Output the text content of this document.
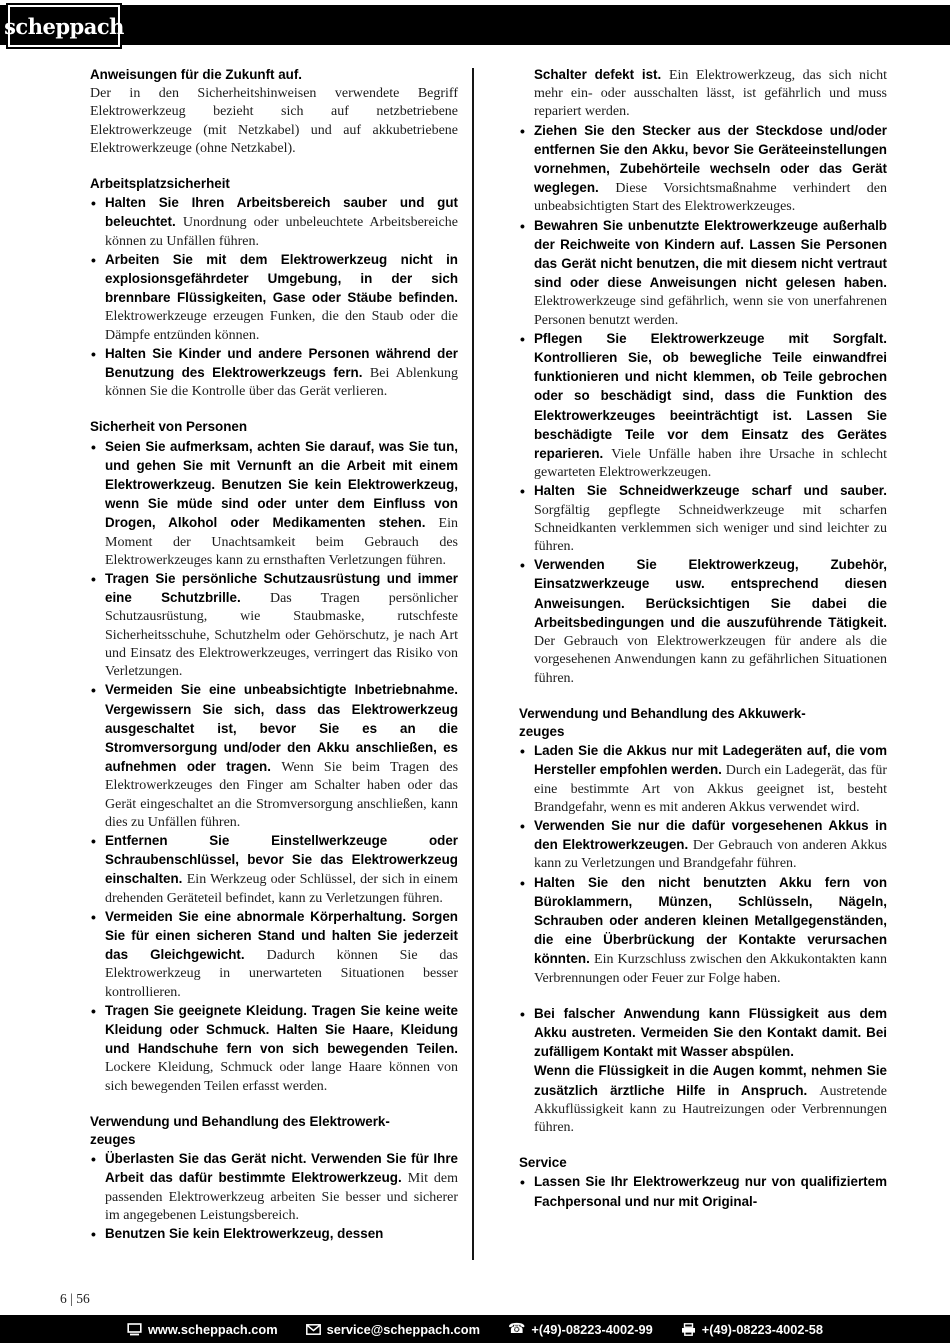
scheppach

Anweisungen für die Zukunft auf.
Der in den Sicherheitshinweisen verwendete Begriff Elektrowerkzeug bezieht sich auf netzbetriebene Elektrowerkzeuge (mit Netzkabel) und auf akkubetriebene Elektrowerkzeuge (ohne Netzkabel).

Arbeitsplatzsicherheit
• Halten Sie Ihren Arbeitsbereich sauber und gut beleuchtet. Unordnung oder unbeleuchtete Arbeitsbereiche können zu Unfällen führen.
• Arbeiten Sie mit dem Elektrowerkzeug nicht in explosionsgefährdeter Umgebung, in der sich brennbare Flüssigkeiten, Gase oder Stäube befinden. Elektrowerkzeuge erzeugen Funken, die den Staub oder die Dämpfe entzünden können.
• Halten Sie Kinder und andere Personen während der Benutzung des Elektrowerkzeugs fern. Bei Ablenkung können Sie die Kontrolle über das Gerät verlieren.
Sicherheit von Personen
• Seien Sie aufmerksam, achten Sie darauf, was Sie tun, und gehen Sie mit Vernunft an die Arbeit mit einem Elektrowerkzeug. Benutzen Sie kein Elektrowerkzeug, wenn Sie müde sind oder unter dem Einfluss von Drogen, Alkohol oder Medikamenten stehen. Ein Moment der Unachtsamkeit beim Gebrauch des Elektrowerkzeuges kann zu ernsthaften Verletzungen führen.
• Tragen Sie persönliche Schutzausrüstung und immer eine Schutzbrille. Das Tragen persönlicher Schutzausrüstung, wie Staubmaske, rutschfeste Sicherheitsschuhe, Schutzhelm oder Gehörschutz, je nach Art und Einsatz des Elektrowerkzeuges, verringert das Risiko von Verletzungen.
• Vermeiden Sie eine unbeabsichtigte Inbetriebnahme. Vergewissern Sie sich, dass das Elektrowerkzeug ausgeschaltet ist, bevor Sie es an die Stromversorgung und/oder den Akku anschließen, es aufnehmen oder tragen. Wenn Sie beim Tragen des Elektrowerkzeuges den Finger am Schalter haben oder das Gerät eingeschaltet an die Stromversorgung anschließen, kann dies zu Unfällen führen.
• Entfernen Sie Einstellwerkzeuge oder Schraubenschlüssel, bevor Sie das Elektrowerkzeug einschalten. Ein Werkzeug oder Schlüssel, der sich in einem drehenden Geräteteil befindet, kann zu Verletzungen führen.
• Vermeiden Sie eine abnormale Körperhaltung. Sorgen Sie für einen sicheren Stand und halten Sie jederzeit das Gleichgewicht. Dadurch können Sie das Elektrowerkzeug in unerwarteten Situationen besser kontrollieren.
• Tragen Sie geeignete Kleidung. Tragen Sie keine weite Kleidung oder Schmuck. Halten Sie Haare, Kleidung und Handschuhe fern von sich bewegenden Teilen. Lockere Kleidung, Schmuck oder lange Haare können von sich bewegenden Teilen erfasst werden.
Verwendung und Behandlung des Elektrowerk-
zeuges
• Überlasten Sie das Gerät nicht. Verwenden Sie für Ihre Arbeit das dafür bestimmte Elektrowerkzeug. Mit dem passenden Elektrowerkzeug arbeiten Sie besser und sicherer im angegebenen Leistungsbereich.
• Benutzen Sie kein Elektrowerkzeug, dessen
Schalter defekt ist. Ein Elektrowerkzeug, das sich nicht mehr ein- oder ausschalten lässt, ist gefährlich und muss repariert werden.
• Ziehen Sie den Stecker aus der Steckdose und/oder entfernen Sie den Akku, bevor Sie Geräteeinstellungen vornehmen, Zubehörteile wechseln oder das Gerät weglegen. Diese Vorsichtsmaßnahme verhindert den unbeabsichtigten Start des Elektrowerkzeuges.
• Bewahren Sie unbenutzte Elektrowerkzeuge außerhalb der Reichweite von Kindern auf. Lassen Sie Personen das Gerät nicht benutzen, die mit diesem nicht vertraut sind oder diese Anweisungen nicht gelesen haben. Elektrowerkzeuge sind gefährlich, wenn sie von unerfahrenen Personen benutzt werden.
• Pflegen Sie Elektrowerkzeuge mit Sorgfalt. Kontrollieren Sie, ob bewegliche Teile einwandfrei funktionieren und nicht klemmen, ob Teile gebrochen oder so beschädigt sind, dass die Funktion des Elektrowerkzeuges beeinträchtigt ist. Lassen Sie beschädigte Teile vor dem Einsatz des Gerätes reparieren. Viele Unfälle haben ihre Ursache in schlecht gewarteten Elektrowerkzeugen.
• Halten Sie Schneidwerkzeuge scharf und sauber. Sorgfältig gepflegte Schneidwerkzeuge mit scharfen Schneidkanten verklemmen sich weniger und sind leichter zu führen.
• Verwenden Sie Elektrowerkzeug, Zubehör, Einsatzwerkzeuge usw. entsprechend diesen Anweisungen. Berücksichtigen Sie dabei die Arbeitsbedingungen und die auszuführende Tätigkeit. Der Gebrauch von Elektrowerkzeugen für andere als die vorgesehenen Anwendungen kann zu gefährlichen Situationen führen.
Verwendung und Behandlung des Akkuwerk-
zeuges
• Laden Sie die Akkus nur mit Ladegeräten auf, die vom Hersteller empfohlen werden. Durch ein Ladegerät, das für eine bestimmte Art von Akkus geeignet ist, besteht Brandgefahr, wenn es mit anderen Akkus verwendet wird.
• Verwenden Sie nur die dafür vorgesehenen Akkus in den Elektrowerkzeugen. Der Gebrauch von anderen Akkus kann zu Verletzungen und Brandgefahr führen.
• Halten Sie den nicht benutzten Akku fern von Büroklammern, Münzen, Schlüsseln, Nägeln, Schrauben oder anderen kleinen Metallgegenständen, die eine Überbrückung der Kontakte verursachen könnten. Ein Kurzschluss zwischen den Akkukontakten kann Verbrennungen oder Feuer zur Folge haben.
• Bei falscher Anwendung kann Flüssigkeit aus dem Akku austreten. Vermeiden Sie den Kontakt damit. Bei zufälligem Kontakt mit Wasser abspülen.
Wenn die Flüssigkeit in die Augen kommt, nehmen Sie zusätzlich ärztliche Hilfe in Anspruch. Austretende Akkuflüssigkeit kann zu Hautreizungen oder Verbrennungen führen.
Service
• Lassen Sie Ihr Elektrowerkzeug nur von qualifiziertem Fachpersonal und nur mit Original-
6 | 56
www.scheppach.com	service@scheppach.com ☎ +(49)-08223-4002-99	+(49)-08223-4002-58
